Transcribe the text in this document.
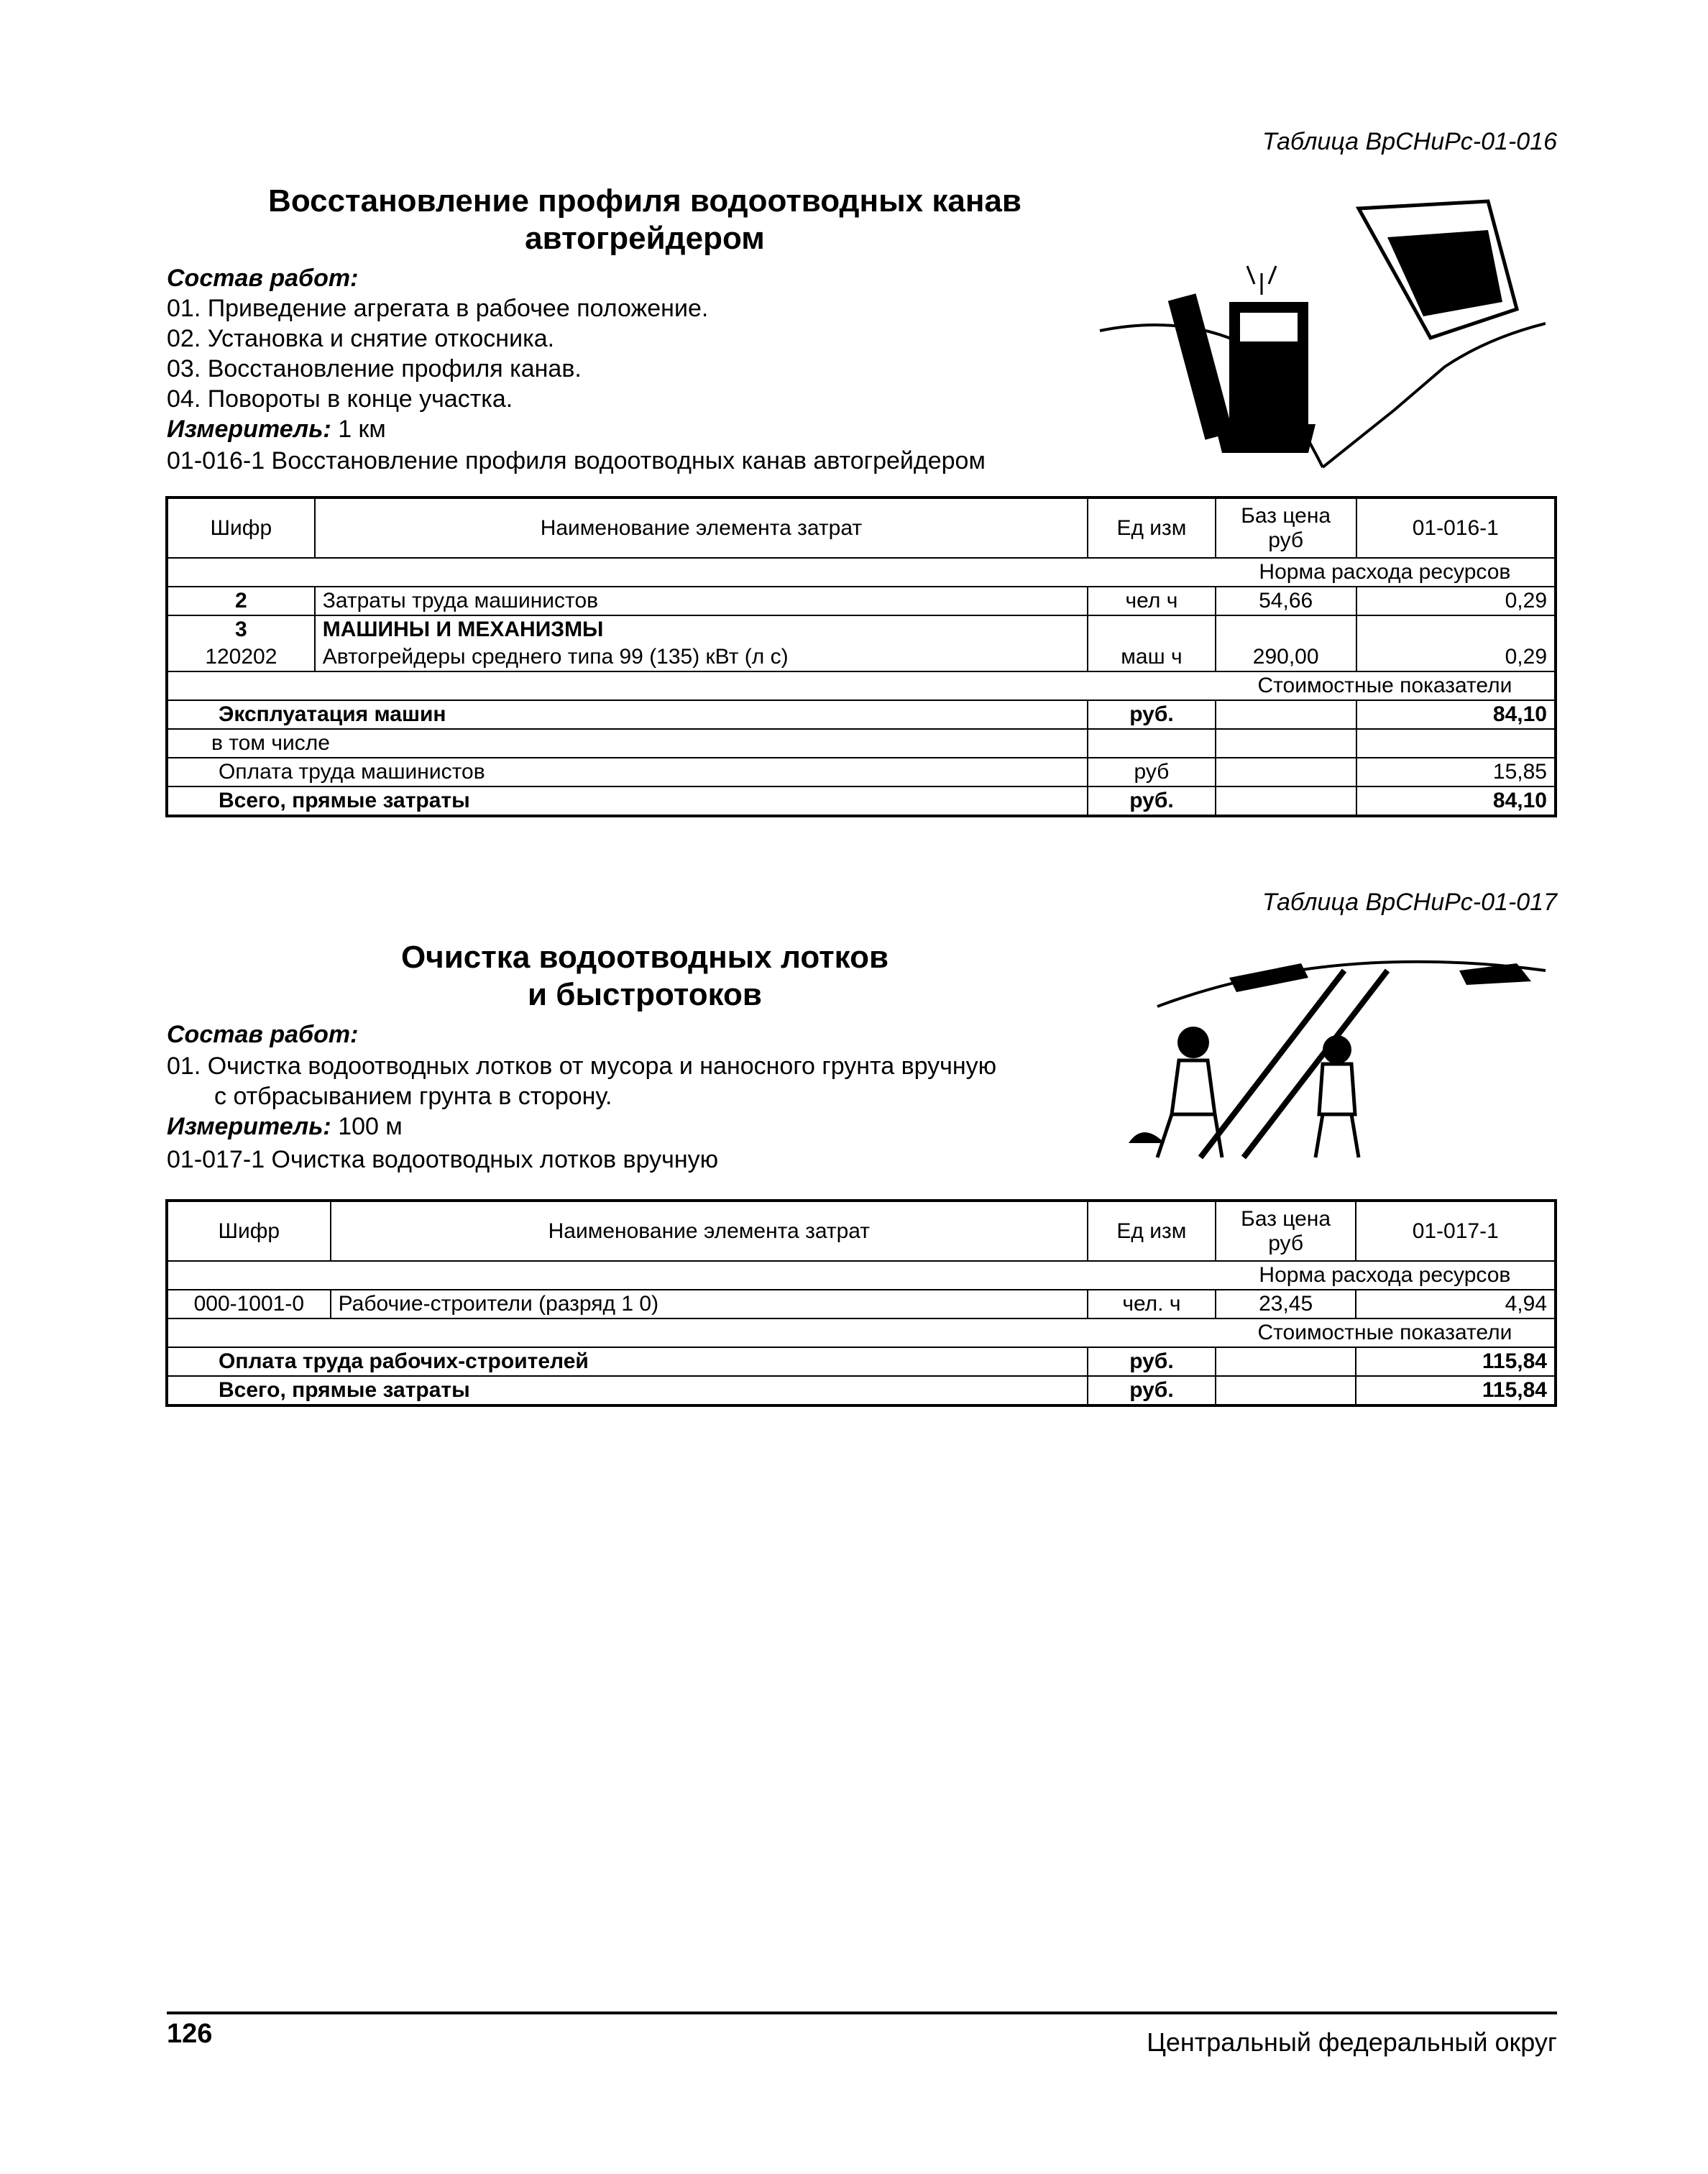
Таблица ВрСНиРс-01-016
Восстановление профиля водоотводных канав
автогрейдером
Состав работ:
01. Приведение агрегата в рабочее положение.
02. Установка и снятие откосника.
03. Восстановление профиля канав.
04. Повороты в конце участка.
Измеритель: 1 км
01-016-1 Восстановление профиля водоотводных канав автогрейдером
Шифр	Наименование элемента затрат	Ед изм	Баз цена руб	01-016-1
			Норма расхода ресурсов	
2	Затраты труда машинистов	чел ч	54,66	0,29
3	МАШИНЫ И МЕХАНИЗМЫ			
120202	Автогрейдеры среднего типа 99 (135) кВт (л с)	маш ч	290,00	0,29
			Стоимостные показатели	
Эксплуатация машин		руб.		84,10
в том числе				
Оплата труда машинистов		руб		15,85
Всего, прямые затраты		руб.		84,10
Таблица ВрСНиРс-01-017
Очистка водоотводных лотков
и быстротоков
Состав работ:
01. Очистка водоотводных лотков от мусора и наносного грунта вручную
с отбрасыванием грунта в сторону.
Измеритель: 100 м
01-017-1 Очистка водоотводных лотков вручную
Шифр	Наименование элемента затрат	Ед изм	Баз цена руб	01-017-1
			Норма расхода ресурсов	
000-1001-0	Рабочие-строители (разряд 1 0)	чел. ч	23,45	4,94
			Стоимостные показатели	
Оплата труда рабочих-строителей		руб.		115,84
Всего, прямые затраты		руб.		115,84
126	Центральный федеральный округ
